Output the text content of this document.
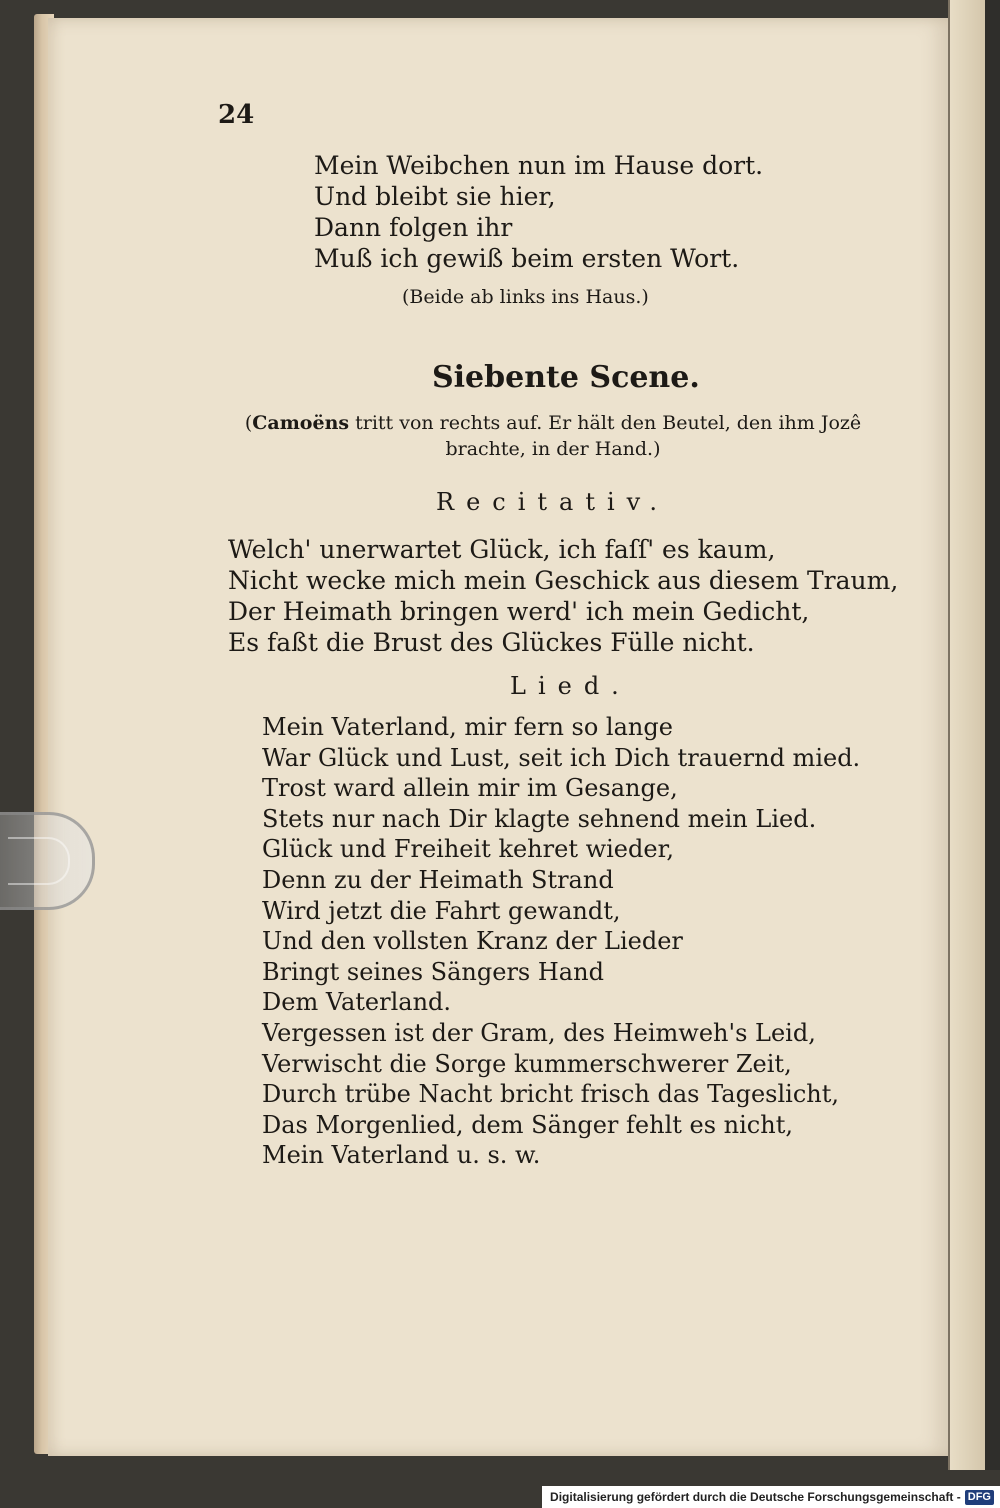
24
Mein Weibchen nun im Hause dort.
Und bleibt sie hier,
Dann folgen ihr
Muß ich gewiß beim ersten Wort.
(Beide ab links ins Haus.)
Siebente Scene.
(Camoëns tritt von rechts auf. Er hält den Beutel, den ihm Jozê brachte, in der Hand.)
Recitativ.
Welch' unerwartet Glück, ich faſſ' es kaum,
Nicht wecke mich mein Geschick aus diesem Traum,
Der Heimath bringen werd' ich mein Gedicht,
Es faßt die Brust des Glückes Fülle nicht.
Lied.
Mein Vaterland, mir fern so lange
War Glück und Lust, seit ich Dich trauernd mied.
Trost ward allein mir im Gesange,
Stets nur nach Dir klagte sehnend mein Lied.
Glück und Freiheit kehret wieder,
Denn zu der Heimath Strand
Wird jetzt die Fahrt gewandt,
Und den vollsten Kranz der Lieder
Bringt seines Sängers Hand
Dem Vaterland.
Vergessen ist der Gram, des Heimweh's Leid,
Verwischt die Sorge kummerschwerer Zeit,
Durch trübe Nacht bricht frisch das Tageslicht,
Das Morgenlied, dem Sänger fehlt es nicht,
Mein Vaterland u. s. w.
Digitalisierung gefördert durch die Deutsche Forschungsgemeinschaft - DFG
